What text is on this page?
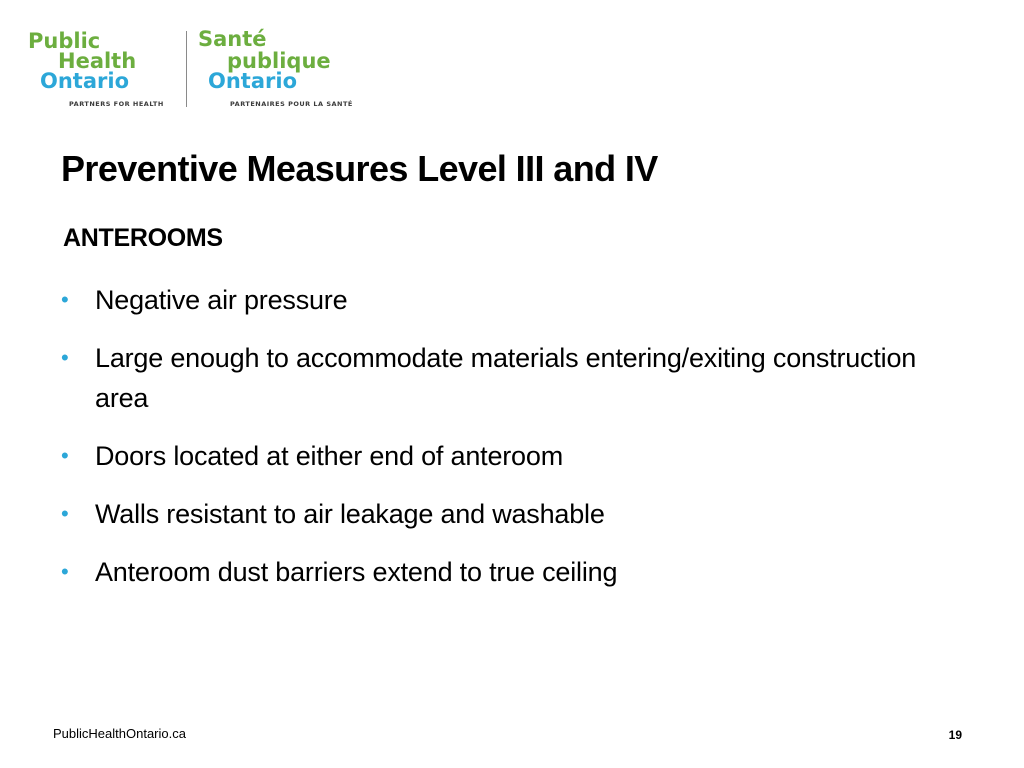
Public
Health
Ontario
PARTNERS FOR HEALTH
Santé
publique
Ontario
PARTENAIRES POUR LA SANTÉ
Preventive Measures Level III and IV
ANTEROOMS
• Negative air pressure
• Large enough to accommodate materials entering/exiting construction area
• Doors located at either end of anteroom
• Walls resistant to air leakage and washable
• Anteroom dust barriers extend to true ceiling
PublicHealthOntario.ca	19
